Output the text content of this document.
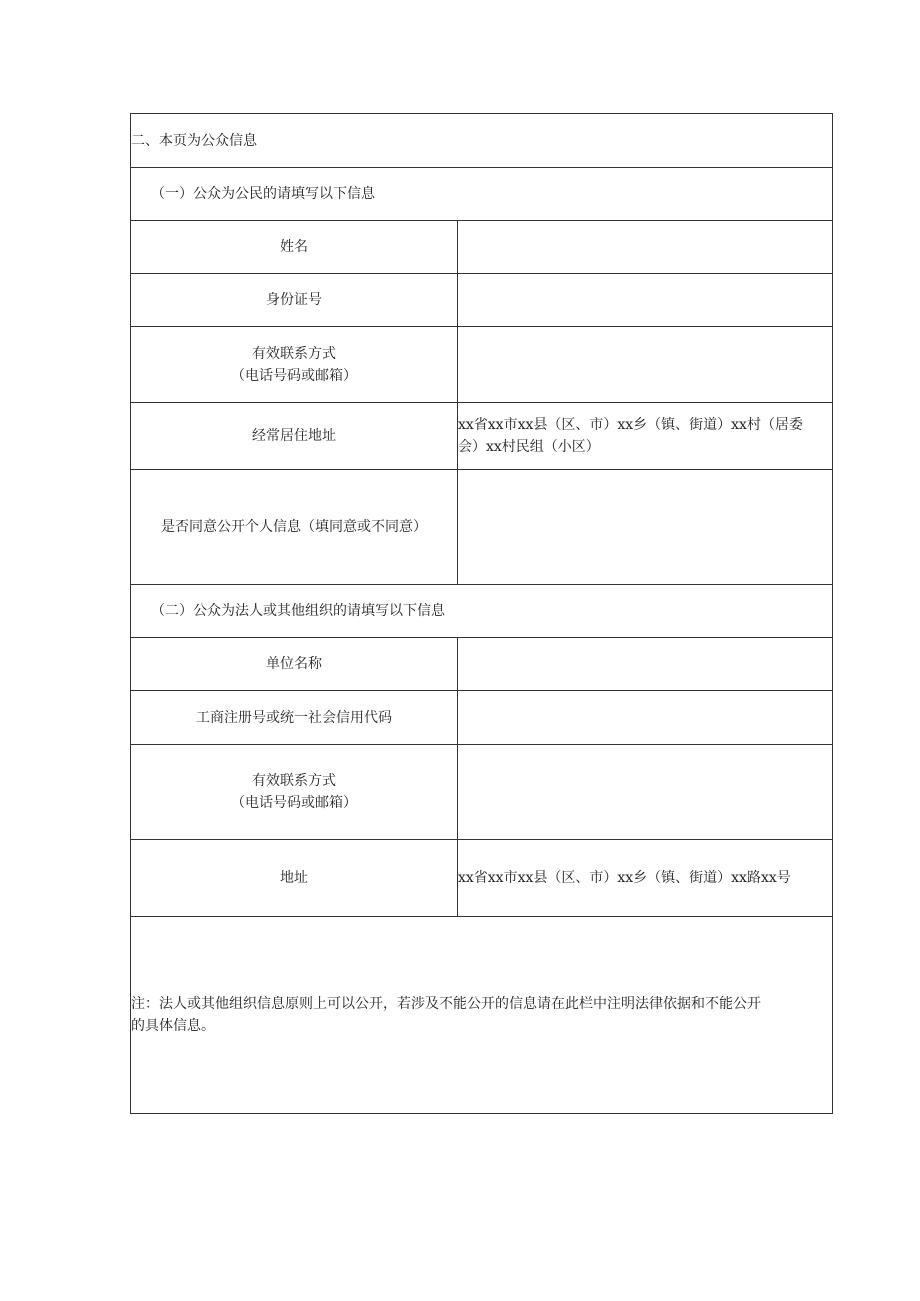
二、本页为公众信息	
（一）公众为公民的请填写以下信息	
姓名	
身份证号	

有效联系方式
（电话号码或邮箱）	

经常居住地址	xx省xx市xx县（区、市）xx乡（镇、街道）xx村（居委
会）xx村民组（小区）

是否同意公开个人信息（填同意或不同意）	
（二）公众为法人或其他组织的请填写以下信息	
单位名称	
工商注册号或统一社会信用代码	

有效联系方式
（电话号码或邮箱）	

地址	xx省xx市xx县（区、市）xx乡（镇、街道）xx路xx号

注：法人或其他组织信息原则上可以公开，若涉及不能公开的信息请在此栏中注明法律依据和不能公开
的具体信息。	
